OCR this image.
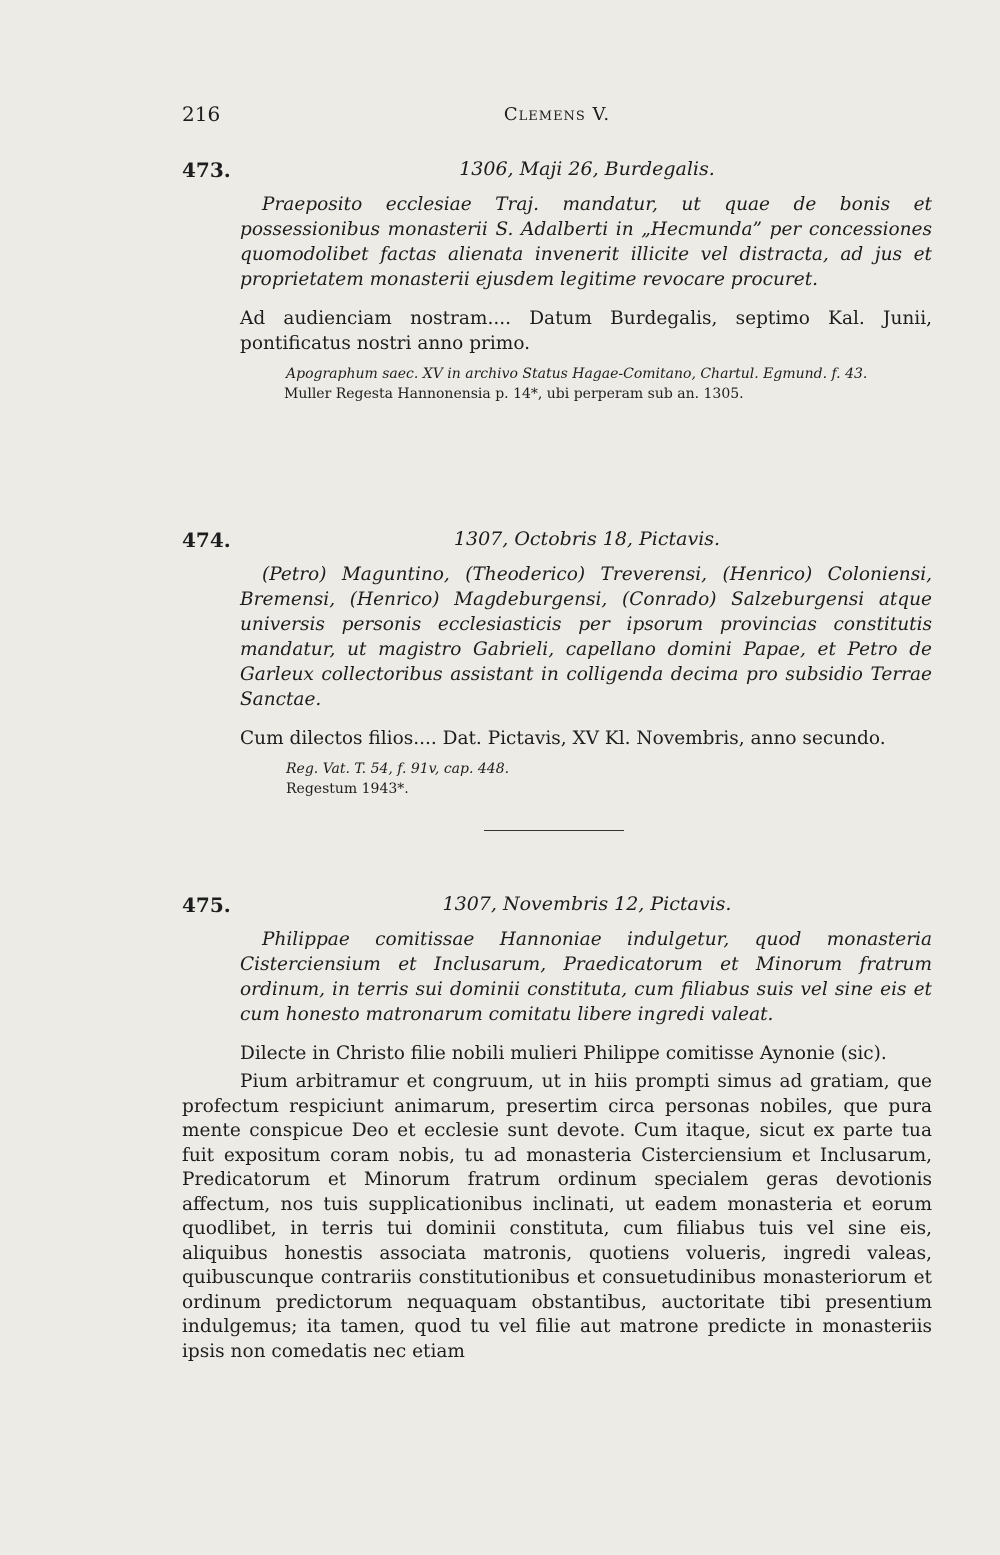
216	Clemens V.
473.	1306, Maji 26, Burdegalis.
Praeposito ecclesiae Traj. mandatur, ut quae de bonis et possessionibus monasterii S. Adalberti in „Hecmunda” per concessiones quomodolibet factas alienata invenerit illicite vel distracta, ad jus et proprietatem monasterii ejusdem legitime revocare procuret.
Ad audienciam nostram.... Datum Burdegalis, septimo Kal. Junii, pontificatus nostri anno primo.
Apographum saec. XV in archivo Status Hagae-Comitano, Chartul. Egmund. f. 43.
Muller Regesta Hannonensia p. 14*, ubi perperam sub an. 1305.
474.	1307, Octobris 18, Pictavis.
(Petro) Maguntino, (Theoderico) Treverensi, (Henrico) Coloniensi, Bremensi, (Henrico) Magdeburgensi, (Conrado) Salzeburgensi atque universis personis ecclesiasticis per ipsorum provincias constitutis mandatur, ut magistro Gabrieli, capellano domini Papae, et Petro de Garleux collectoribus assistant in colligenda decima pro subsidio Terrae Sanctae.
Cum dilectos filios.... Dat. Pictavis, XV Kl. Novembris, anno secundo.
Reg. Vat. T. 54, f. 91v, cap. 448.
Regestum 1943*.
475.	1307, Novembris 12, Pictavis.
Philippae comitissae Hannoniae indulgetur, quod monasteria Cisterciensium et Inclusarum, Praedicatorum et Minorum fratrum ordinum, in terris sui dominii constituta, cum filiabus suis vel sine eis et cum honesto matronarum comitatu libere ingredi valeat.
Dilecte in Christo filie nobili mulieri Philippe comitisse Aynonie (sic).

Pium arbitramur et congruum, ut in hiis prompti simus ad gratiam, que profectum respiciunt animarum, presertim circa personas nobiles, que pura mente conspicue Deo et ecclesie sunt devote. Cum itaque, sicut ex parte tua fuit expositum coram nobis, tu ad monasteria Cisterciensium et Inclusarum, Predicatorum et Minorum fratrum ordinum specialem geras devotionis affectum, nos tuis supplicationibus inclinati, ut eadem monasteria et eorum quodlibet, in terris tui dominii constituta, cum filiabus tuis vel sine eis, aliquibus honestis associata matronis, quotiens volueris, ingredi valeas, quibuscunque contrariis constitutionibus et consuetudinibus monasteriorum et ordinum predictorum nequaquam obstantibus, auctoritate tibi presentium indulgemus; ita tamen, quod tu vel filie aut matrone predicte in monasteriis ipsis non comedatis nec etiam
